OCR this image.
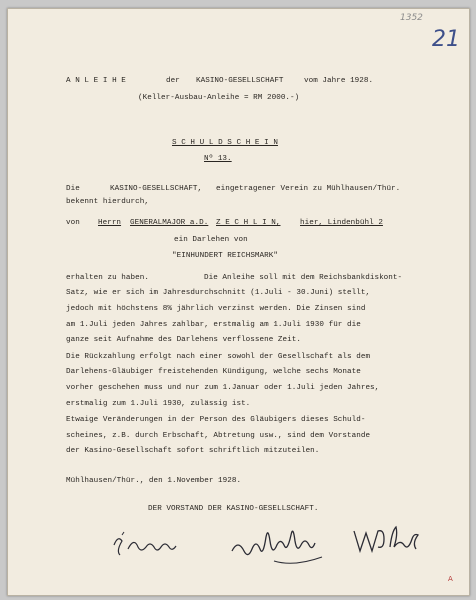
1352
21
A N L E I H E	der KASINO-GESELLSCHAFT	vom Jahre 1928.
(Keller-Ausbau-Anleihe = RM 2000.-)
S C H U L D S C H E I N
Nº 13.
Die	KASINO-GESELLSCHAFT, eingetragener Verein zu Mühlhausen/Thür.
bekennt hierdurch,
von Herrn GENERALMAJOR a.D. Z E C H L I N,	hier, Lindenbühl 2
ein Darlehen von
"EINHUNDERT REICHSMARK"
erhalten zu haben.	Die Anleihe soll mit dem Reichsbankdiskont-
Satz, wie er sich im Jahresdurchschnitt (1.Juli - 30.Juni) stellt,
jedoch mit höchstens 8% jährlich verzinst werden. Die Zinsen sind
am 1.Juli jeden Jahres zahlbar, erstmalig am 1.Juli 1930 für die
ganze seit Aufnahme des Darlehens verflossene Zeit.
Die Rückzahlung erfolgt nach einer sowohl der Gesellschaft als dem
Darlehens-Gläubiger freistehenden Kündigung, welche sechs Monate
vorher geschehen muss und nur zum 1.Januar oder 1.Juli jeden Jahres,
erstmalig zum 1.Juli 1930, zulässig ist.
Etwaige Veränderungen in der Person des Gläubigers dieses Schuld-
scheines, z.B. durch Erbschaft, Abtretung usw., sind dem Vorstande
der Kasino-Gesellschaft sofort schriftlich mitzuteilen.
Mühlhausen/Thür., den 1.November 1928.
DER VORSTAND DER KASINO-GESELLSCHAFT.
A
